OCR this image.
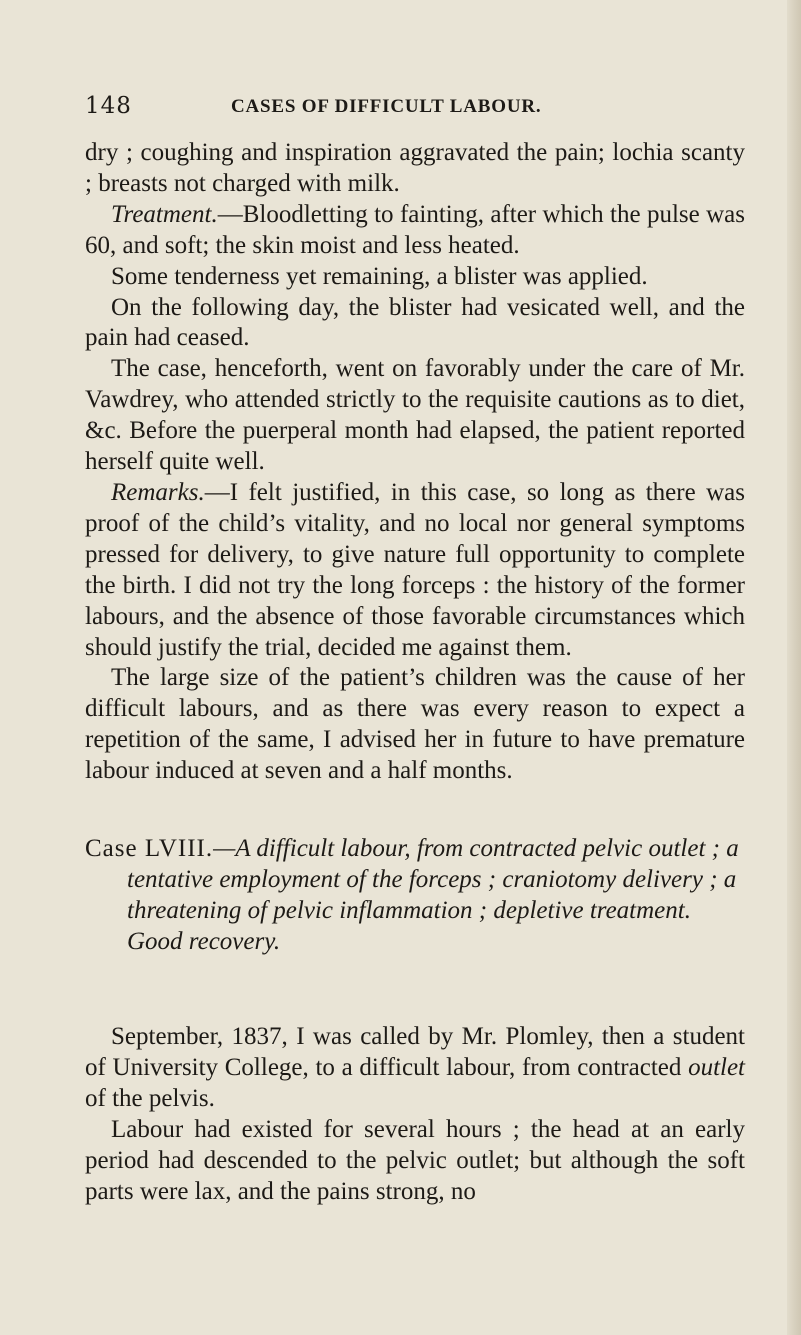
148	CASES OF DIFFICULT LABOUR.

dry ; coughing and inspiration aggravated the pain; lochia scanty ; breasts not charged with milk.

Treatment.—Bloodletting to fainting, after which the pulse was 60, and soft; the skin moist and less heated.

Some tenderness yet remaining, a blister was applied.

On the following day, the blister had vesicated well, and the pain had ceased.

The case, henceforth, went on favorably under the care of Mr. Vawdrey, who attended strictly to the requisite cautions as to diet, &c. Before the puerperal month had elapsed, the patient reported herself quite well.

Remarks.—I felt justified, in this case, so long as there was proof of the child’s vitality, and no local nor general symptoms pressed for delivery, to give nature full opportunity to complete the birth. I did not try the long forceps : the history of the former labours, and the absence of those favorable circumstances which should justify the trial, decided me against them.

The large size of the patient’s children was the cause of her difficult labours, and as there was every reason to expect a repetition of the same, I advised her in future to have premature labour induced at seven and a half months.

Case LVIII.—A difficult labour, from contracted pelvic outlet ; a tentative employment of the forceps ; craniotomy delivery ; a threatening of pelvic inflammation ; depletive treatment. Good recovery.

September, 1837, I was called by Mr. Plomley, then a student of University College, to a difficult labour, from contracted outlet of the pelvis.

Labour had existed for several hours ; the head at an early period had descended to the pelvic outlet; but although the soft parts were lax, and the pains strong, no
